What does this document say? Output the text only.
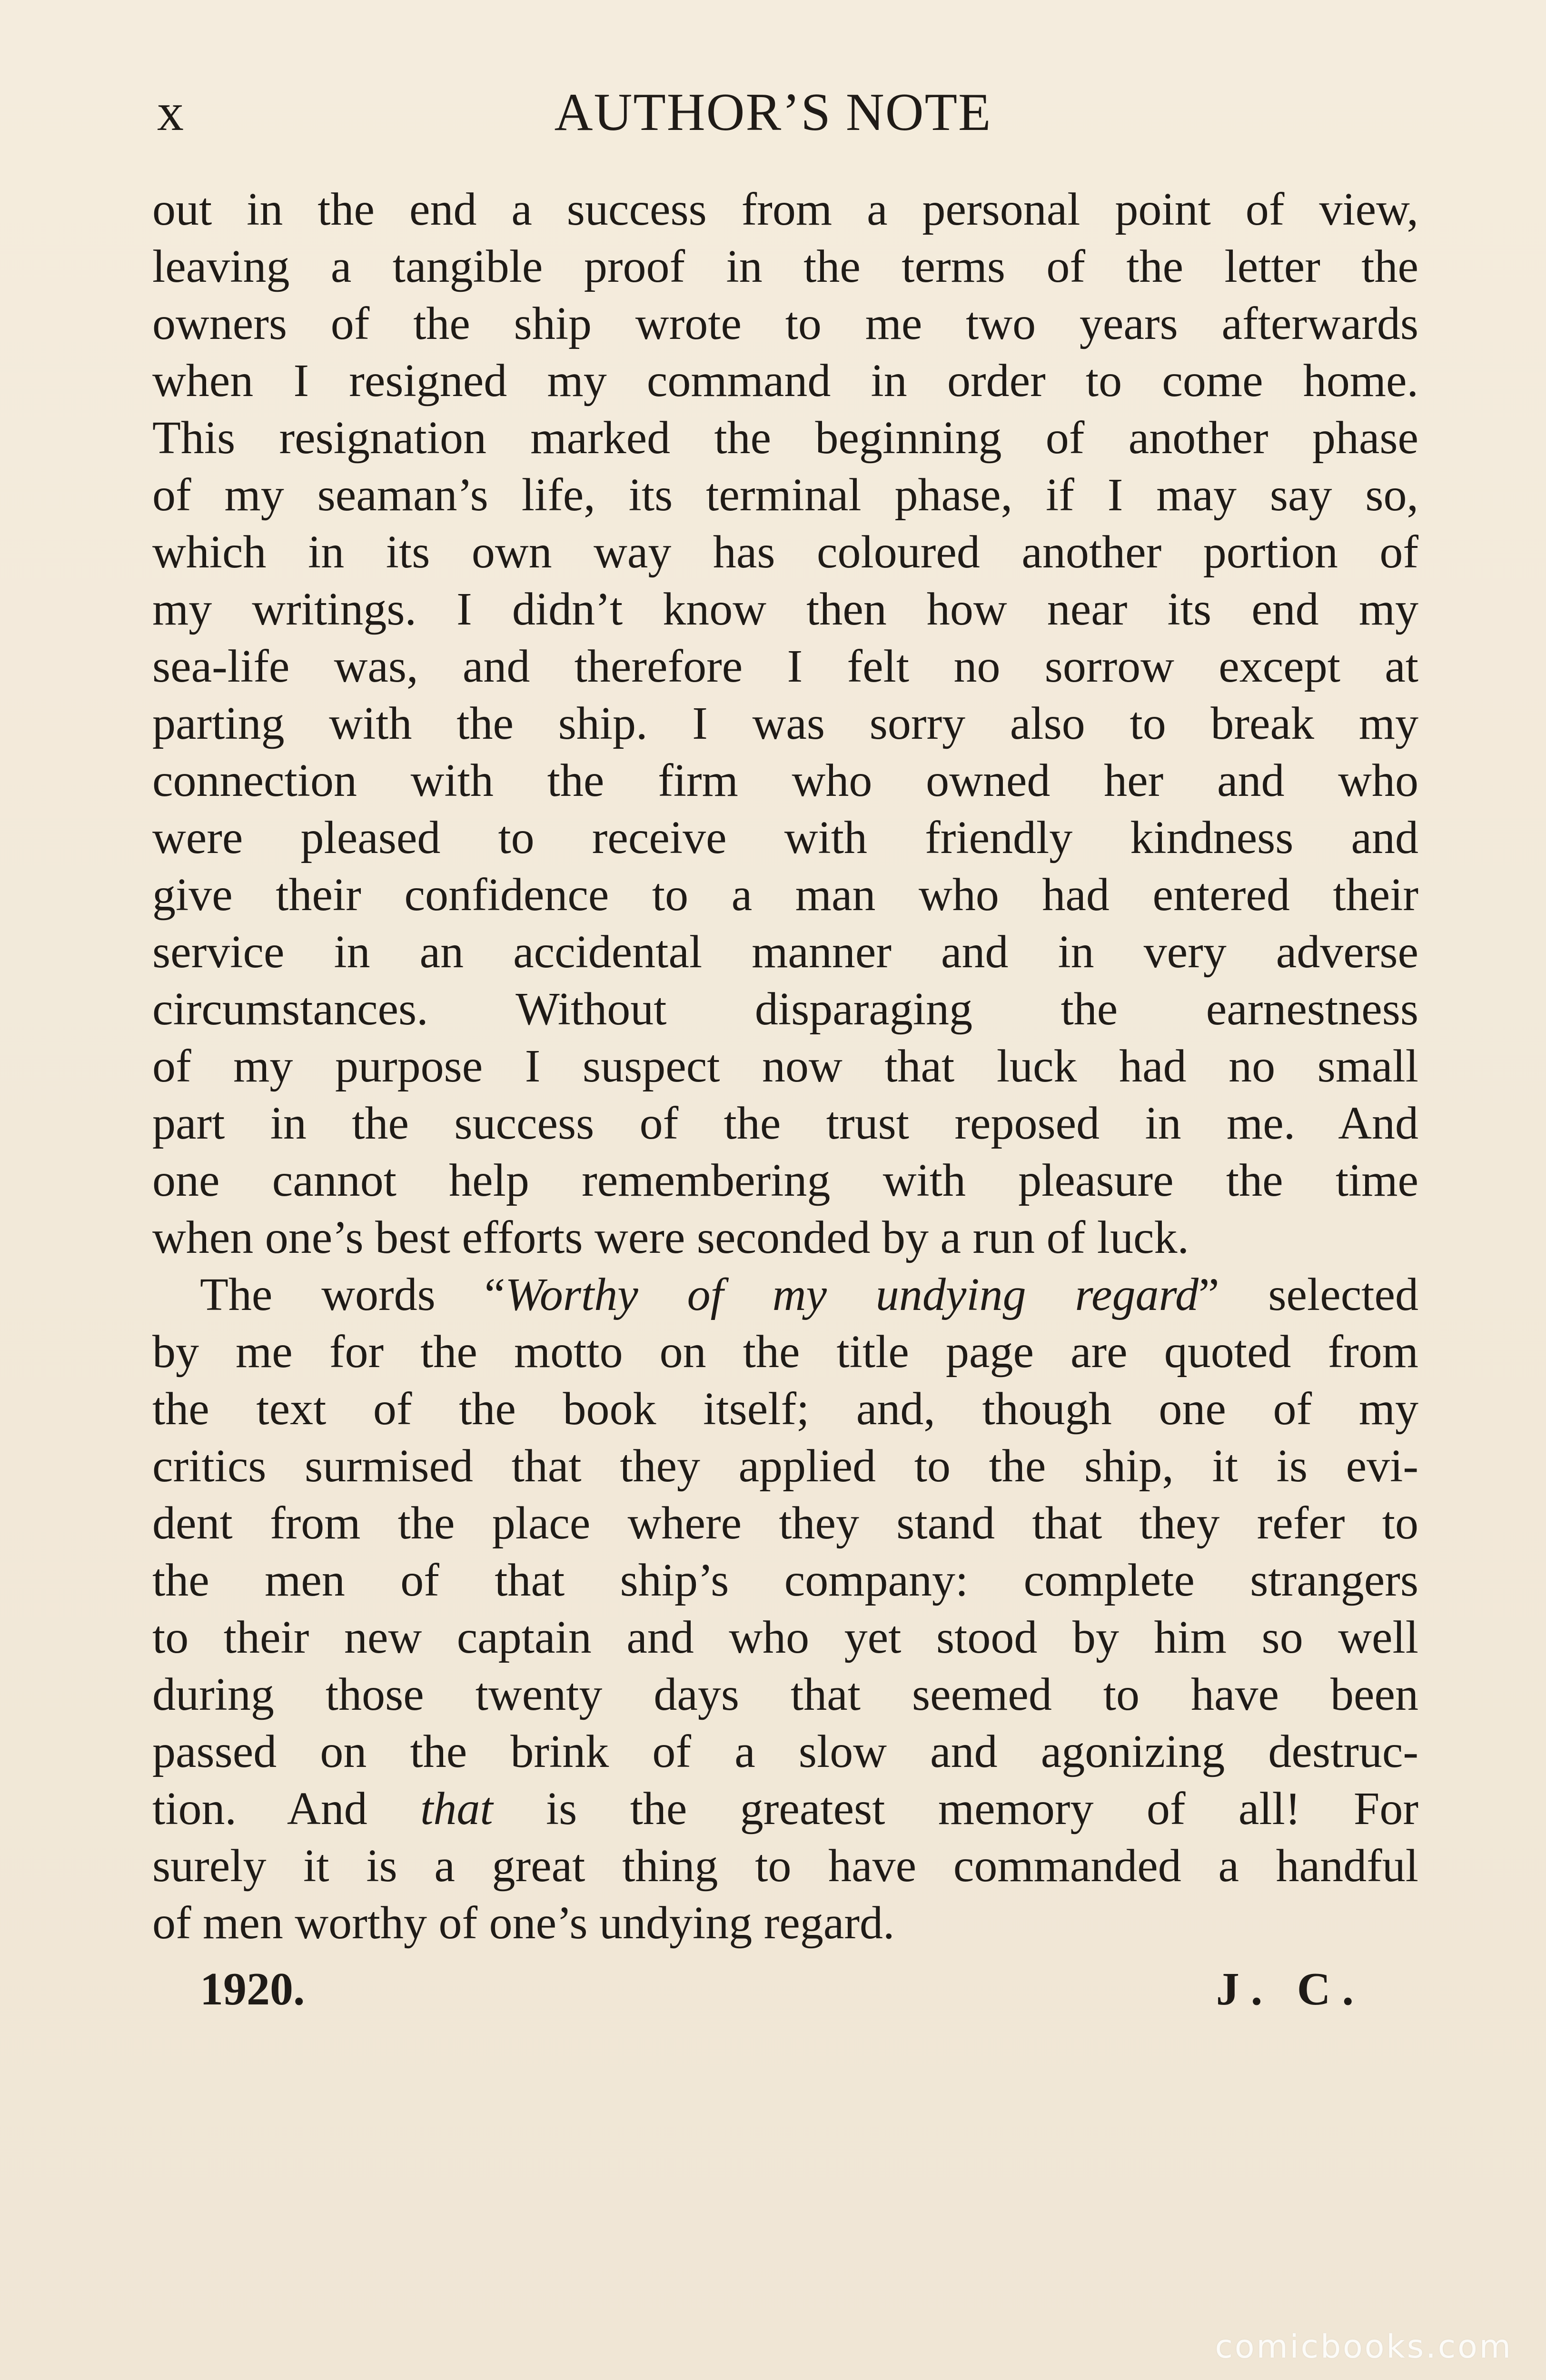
x	AUTHOR’S NOTE
out in the end a success from a personal point of view,
leaving a tangible proof in the terms of the letter the
owners of the ship wrote to me two years afterwards
when I resigned my command in order to come home.
This resignation marked the beginning of another phase
of my seaman’s life, its terminal phase, if I may say so,
which in its own way has coloured another portion of
my writings. I didn’t know then how near its end my
sea-life was, and therefore I felt no sorrow except at
parting with the ship. I was sorry also to break my
connection with the firm who owned her and who
were pleased to receive with friendly kindness and
give their confidence to a man who had entered their
service in an accidental manner and in very adverse
circumstances. Without disparaging the earnestness
of my purpose I suspect now that luck had no small
part in the success of the trust reposed in me. And
one cannot help remembering with pleasure the time
when one’s best efforts were seconded by a run of luck.
The words “Worthy of my undying regard” selected
by me for the motto on the title page are quoted from
the text of the book itself; and, though one of my
critics surmised that they applied to the ship, it is evi-
dent from the place where they stand that they refer to
the men of that ship’s company: complete strangers
to their new captain and who yet stood by him so well
during those twenty days that seemed to have been
passed on the brink of a slow and agonizing destruc-
tion. And that is the greatest memory of all! For
surely it is a great thing to have commanded a handful
of men worthy of one’s undying regard.
1920.	J. C.
comicbooks.com
